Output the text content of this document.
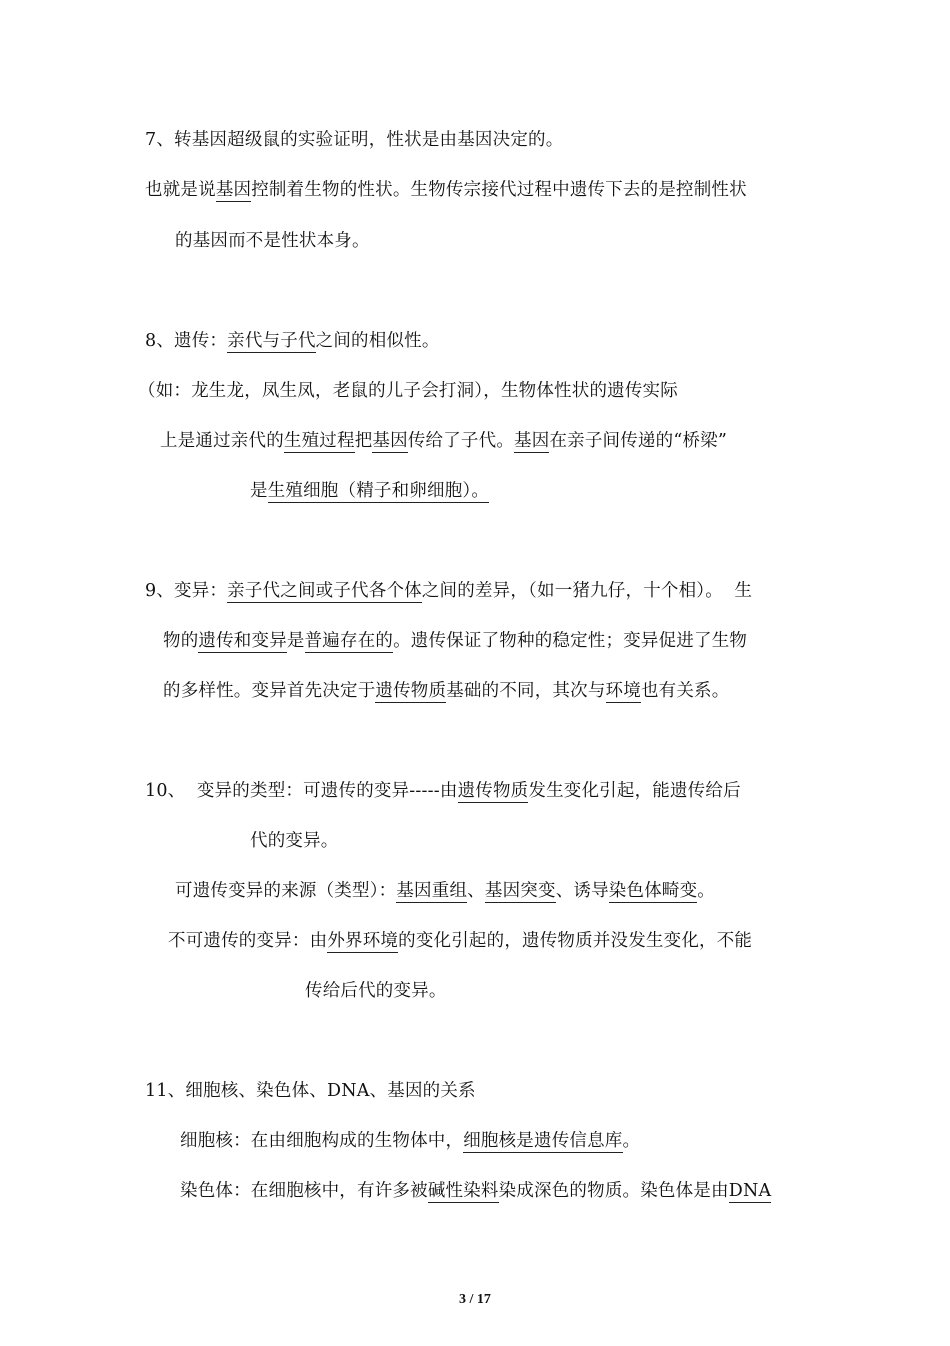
7、转基因超级鼠的实验证明，性状是由基因决定的。
也就是说基因控制着生物的性状。生物传宗接代过程中遗传下去的是控制性状
的基因而不是性状本身。
8、遗传：亲代与子代之间的相似性。
（如：龙生龙，凤生凤，老鼠的儿子会打洞），生物体性状的遗传实际
上是通过亲代的生殖过程把基因传给了子代。基因在亲子间传递的“桥梁”
是生殖细胞（精子和卵细胞）。
9、变异：亲子代之间或子代各个体之间的差异，（如一猪九仔，十个相）。  生
物的遗传和变异是普遍存在的。遗传保证了物种的稳定性；变异促进了生物
的多样性。变异首先决定于遗传物质基础的不同，其次与环境也有关系。
10、  变异的类型：可遗传的变异-----由遗传物质发生变化引起，能遗传给后
代的变异。
可遗传变异的来源（类型）：基因重组、基因突变、诱导染色体畸变。
不可遗传的变异：由外界环境的变化引起的，遗传物质并没发生变化，不能
传给后代的变异。
11、细胞核、染色体、DNA、基因的关系
细胞核：在由细胞构成的生物体中，细胞核是遗传信息库。
染色体：在细胞核中，有许多被碱性染料染成深色的物质。染色体是由DNA
3 / 17
